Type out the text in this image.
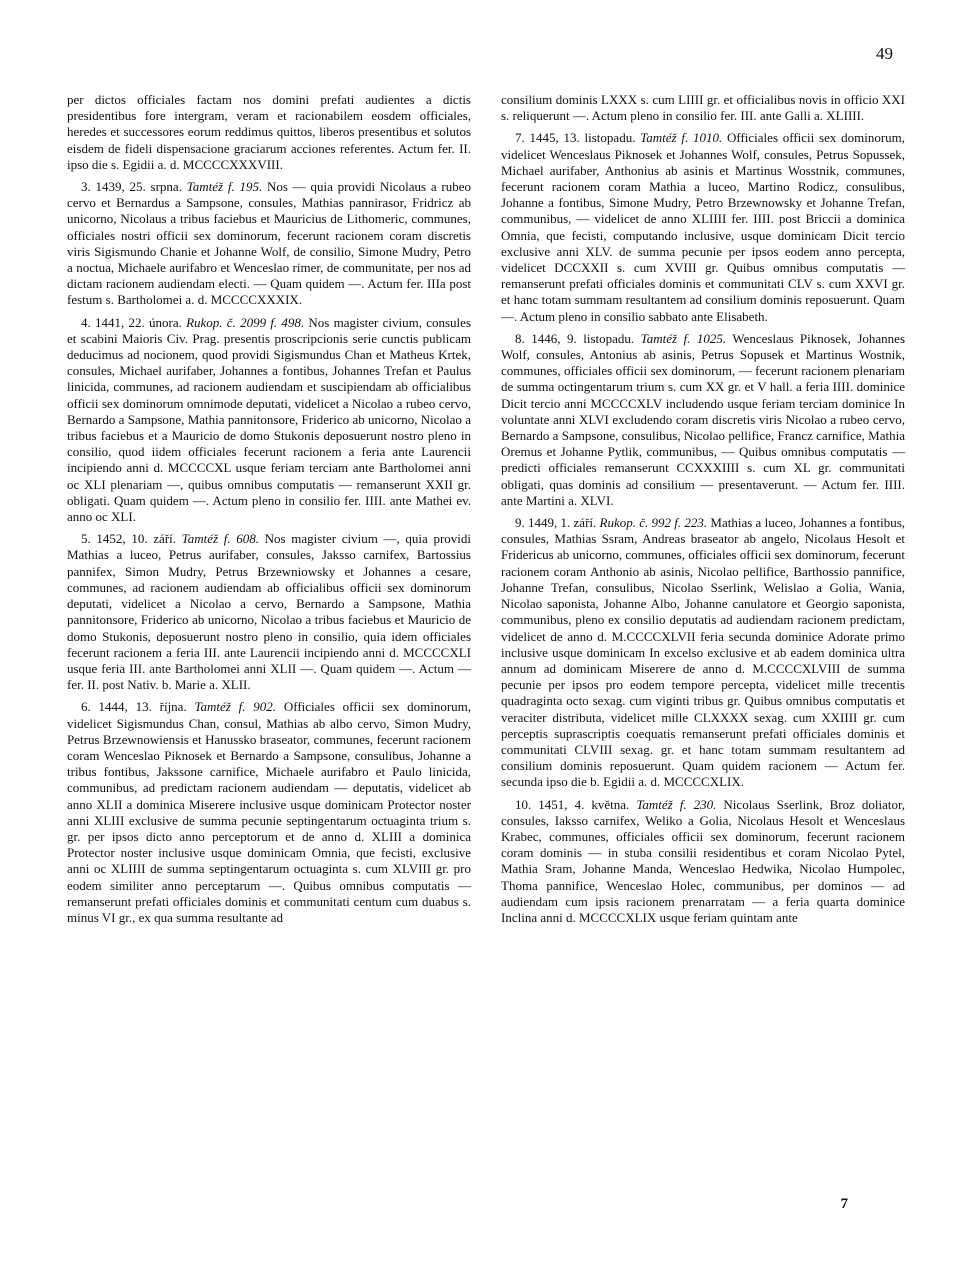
49

per dictos officiales factam nos domini prefati audientes a dictis presidentibus fore intergram, veram et racionabilem eosdem officiales, heredes et successores eorum reddimus quittos, liberos presentibus et solutos eisdem de fideli dispensacione graciarum acciones referentes. Actum fer. II. ipso die s. Egidii a. d. MCCCCXXXVIII.

3. 1439, 25. srpna. Tamtéž f. 195. Nos — quia providi Nicolaus a rubeo cervo et Bernardus a Sampsone, consules, Mathias pannirasor, Fridricz ab unicorno, Nicolaus a tribus faciebus et Mauricius de Lithomeric, communes, officiales nostri officii sex dominorum, fecerunt racionem coram discretis viris Sigismundo Chanie et Johanne Wolf, de consilio, Simone Mudry, Petro a noctua, Michaele aurifabro et Wenceslao rimer, de communitate, per nos ad dictam racionem audiendam electi. — Quam quidem —. Actum fer. IIIa post festum s. Bartholomei a. d. MCCCCXXXIX.

4. 1441, 22. února. Rukop. č. 2099 f. 498. Nos magister civium, consules et scabini Maioris Civ. Prag. presentis proscripcionis serie cunctis publicam deducimus ad nocionem, quod providi Sigismundus Chan et Matheus Krtek, consules, Michael aurifaber, Johannes a fontibus, Johannes Trefan et Paulus linicida, communes, ad racionem audiendam et suscipiendam ab officialibus officii sex dominorum omnimode deputati, videlicet a Nicolao a rubeo cervo, Bernardo a Sampsone, Mathia pannitonsore, Friderico ab unicorno, Nicolao a tribus faciebus et a Mauricio de domo Stukonis deposuerunt nostro pleno in consilio, quod iidem officiales fecerunt racionem a feria ante Laurencii incipiendo anni d. MCCCCXL usque feriam terciam ante Bartholomei anni oc XLI plenariam —, quibus omnibus computatis — remanserunt XXII gr. obligati. Quam quidem —. Actum pleno in consilio fer. IIII. ante Mathei ev. anno oc XLI.

5. 1452, 10. září. Tamtéž f. 608. Nos magister civium —, quia providi Mathias a luceo, Petrus aurifaber, consules, Jaksso carnifex, Bartossius pannifex, Simon Mudry, Petrus Brzewniowsky et Johannes a cesare, communes, ad racionem audiendam ab officialibus officii sex dominorum deputati, videlicet a Nicolao a cervo, Bernardo a Sampsone, Mathia pannitonsore, Friderico ab unicorno, Nicolao a tribus faciebus et Mauricio de domo Stukonis, deposuerunt nostro pleno in consilio, quia idem officiales fecerunt racionem a feria III. ante Laurencii incipiendo anni d. MCCCCXLI usque feria III. ante Bartholomei anni XLII —. Quam quidem —. Actum — fer. II. post Nativ. b. Marie a. XLII.

6. 1444, 13. října. Tamtéž f. 902. Officiales officii sex dominorum, videlicet Sigismundus Chan, consul, Mathias ab albo cervo, Simon Mudry, Petrus Brzewnowiensis et Hanussko braseator, communes, fecerunt racionem coram Wenceslao Piknosek et Bernardo a Sampsone, consulibus, Johanne a tribus fontibus, Jakssone carnifice, Michaele aurifabro et Paulo linicida, communibus, ad predictam racionem audiendam — deputatis, videlicet ab anno XLII a dominica Miserere inclusive usque dominicam Protector noster anni XLIII exclusive de summa pecunie septingentarum octuaginta trium s. gr. per ipsos dicto anno perceptorum et de anno d. XLIII a dominica Protector noster inclusive usque dominicam Omnia, que fecisti, exclusive anni oc XLIIII de summa septingentarum octuaginta s. cum XLVIII gr. pro eodem similiter anno perceptarum —. Quibus omnibus computatis — remanserunt prefati officiales dominis et communitati centum cum duabus s. minus VI gr., ex qua summa resultante ad

consilium dominis LXXX s. cum LIIII gr. et officialibus novis in officio XXI s. reliquerunt —. Actum pleno in consilio fer. III. ante Galli a. XLIIII.

7. 1445, 13. listopadu. Tamtéž f. 1010. Officiales officii sex dominorum, videlicet Wenceslaus Piknosek et Johannes Wolf, consules, Petrus Sopussek, Michael aurifaber, Anthonius ab asinis et Martinus Wosstnik, communes, fecerunt racionem coram Mathia a luceo, Martino Rodicz, consulibus, Johanne a fontibus, Simone Mudry, Petro Brzewnowsky et Johanne Trefan, communibus, — videlicet de anno XLIIII fer. IIII. post Briccii a dominica Omnia, que fecisti, computando inclusive, usque dominicam Dicit tercio exclusive anni XLV. de summa pecunie per ipsos eodem anno percepta, videlicet DCCXXII s. cum XVIII gr. Quibus omnibus computatis — remanserunt prefati officiales dominis et communitati CLV s. cum XXVI gr. et hanc totam summam resultantem ad consilium dominis reposuerunt. Quam —. Actum pleno in consilio sabbato ante Elisabeth.

8. 1446, 9. listopadu. Tamtéž f. 1025. Wenceslaus Piknosek, Johannes Wolf, consules, Antonius ab asinis, Petrus Sopusek et Martinus Wostnik, communes, officiales officii sex dominorum, — fecerunt racionem plenariam de summa octingentarum trium s. cum XX gr. et V hall. a feria IIII. dominice Dicit tercio anni MCCCCXLV includendo usque feriam terciam dominice In voluntate anni XLVI excludendo coram discretis viris Nicolao a rubeo cervo, Bernardo a Sampsone, consulibus, Nicolao pellifice, Francz carnifice, Mathia Oremus et Johanne Pytlik, communibus, — Quibus omnibus computatis — predicti officiales remanserunt CCXXXIIII s. cum XL gr. communitati obligati, quas dominis ad consilium — presentaverunt. — Actum fer. IIII. ante Martini a. XLVI.

9. 1449, 1. září. Rukop. č. 992 f. 223. Mathias a luceo, Johannes a fontibus, consules, Mathias Ssram, Andreas braseator ab angelo, Nicolaus Hesolt et Fridericus ab unicorno, communes, officiales officii sex dominorum, fecerunt racionem coram Anthonio ab asinis, Nicolao pellifice, Barthossio pannifice, Johanne Trefan, consulibus, Nicolao Sserlink, Welislao a Golia, Wania, Nicolao saponista, Johanne Albo, Johanne canulatore et Georgio saponista, communibus, pleno ex consilio deputatis ad audiendam racionem predictam, videlicet de anno d. M.CCCCXLVII feria secunda dominice Adorate primo inclusive usque dominicam In excelso exclusive et ab eadem dominica ultra annum ad dominicam Miserere de anno d. M.CCCCXLVIII de summa pecunie per ipsos pro eodem tempore percepta, videlicet mille trecentis quadraginta octo sexag. cum viginti tribus gr. Quibus omnibus computatis et veraciter distributa, videlicet mille CLXXXX sexag. cum XXIIII gr. cum perceptis suprascriptis coequatis remanserunt prefati officiales dominis et communitati CLVIII sexag. gr. et hanc totam summam resultantem ad consilium dominis reposuerunt. Quam quidem racionem — Actum fer. secunda ipso die b. Egidii a. d. MCCCCXLIX.

10. 1451, 4. května. Tamtéž f. 230. Nicolaus Sserlink, Broz doliator, consules, Iaksso carnifex, Weliko a Golia, Nicolaus Hesolt et Wenceslaus Krabec, communes, officiales officii sex dominorum, fecerunt racionem coram dominis — in stuba consilii residentibus et coram Nicolao Pytel, Mathia Sram, Johanne Manda, Wenceslao Hedwika, Nicolao Humpolec, Thoma pannifice, Wenceslao Holec, communibus, per dominos — ad audiendam cum ipsis racionem prenarratam — a feria quarta dominice Inclina anni d. MCCCCXLIX usque feriam quintam ante

7
